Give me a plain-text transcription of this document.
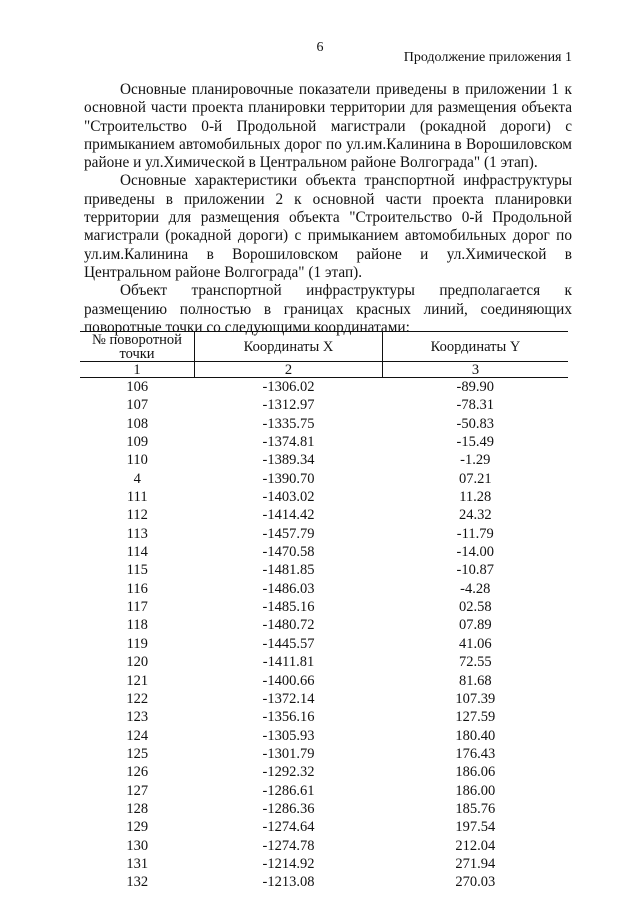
6
Продолжение приложения 1

Основные планировочные показатели приведены в приложении 1 к основной части проекта планировки территории для размещения объекта "Строительство 0-й Продольной магистрали (рокадной дороги) с примыканием автомобильных дорог по ул.им.Калинина в Ворошиловском районе и ул.Химической в Центральном районе Волгограда" (1 этап).

Основные характеристики объекта транспортной инфраструктуры приведены в приложении 2 к основной части проекта планировки территории для размещения объекта "Строительство 0-й Продольной магистрали (рокадной дороги) с примыканием автомобильных дорог по ул.им.Калинина в Ворошиловском районе и ул.Химической в Центральном районе Волгограда" (1 этап).

Объект транспортной инфраструктуры предполагается к размещению полностью в границах красных линий, соединяющих поворотные точки со следующими координатами:

№ поворотной точки	Координаты X	Координаты Y
1	2	3
106	-1306.02	-89.90
107	-1312.97	-78.31
108	-1335.75	-50.83
109	-1374.81	-15.49
110	-1389.34	-1.29
4	-1390.70	07.21
111	-1403.02	11.28
112	-1414.42	24.32
113	-1457.79	-11.79
114	-1470.58	-14.00
115	-1481.85	-10.87
116	-1486.03	-4.28
117	-1485.16	02.58
118	-1480.72	07.89
119	-1445.57	41.06
120	-1411.81	72.55
121	-1400.66	81.68
122	-1372.14	107.39
123	-1356.16	127.59
124	-1305.93	180.40
125	-1301.79	176.43
126	-1292.32	186.06
127	-1286.61	186.00
128	-1286.36	185.76
129	-1274.64	197.54
130	-1274.78	212.04
131	-1214.92	271.94
132	-1213.08	270.03
